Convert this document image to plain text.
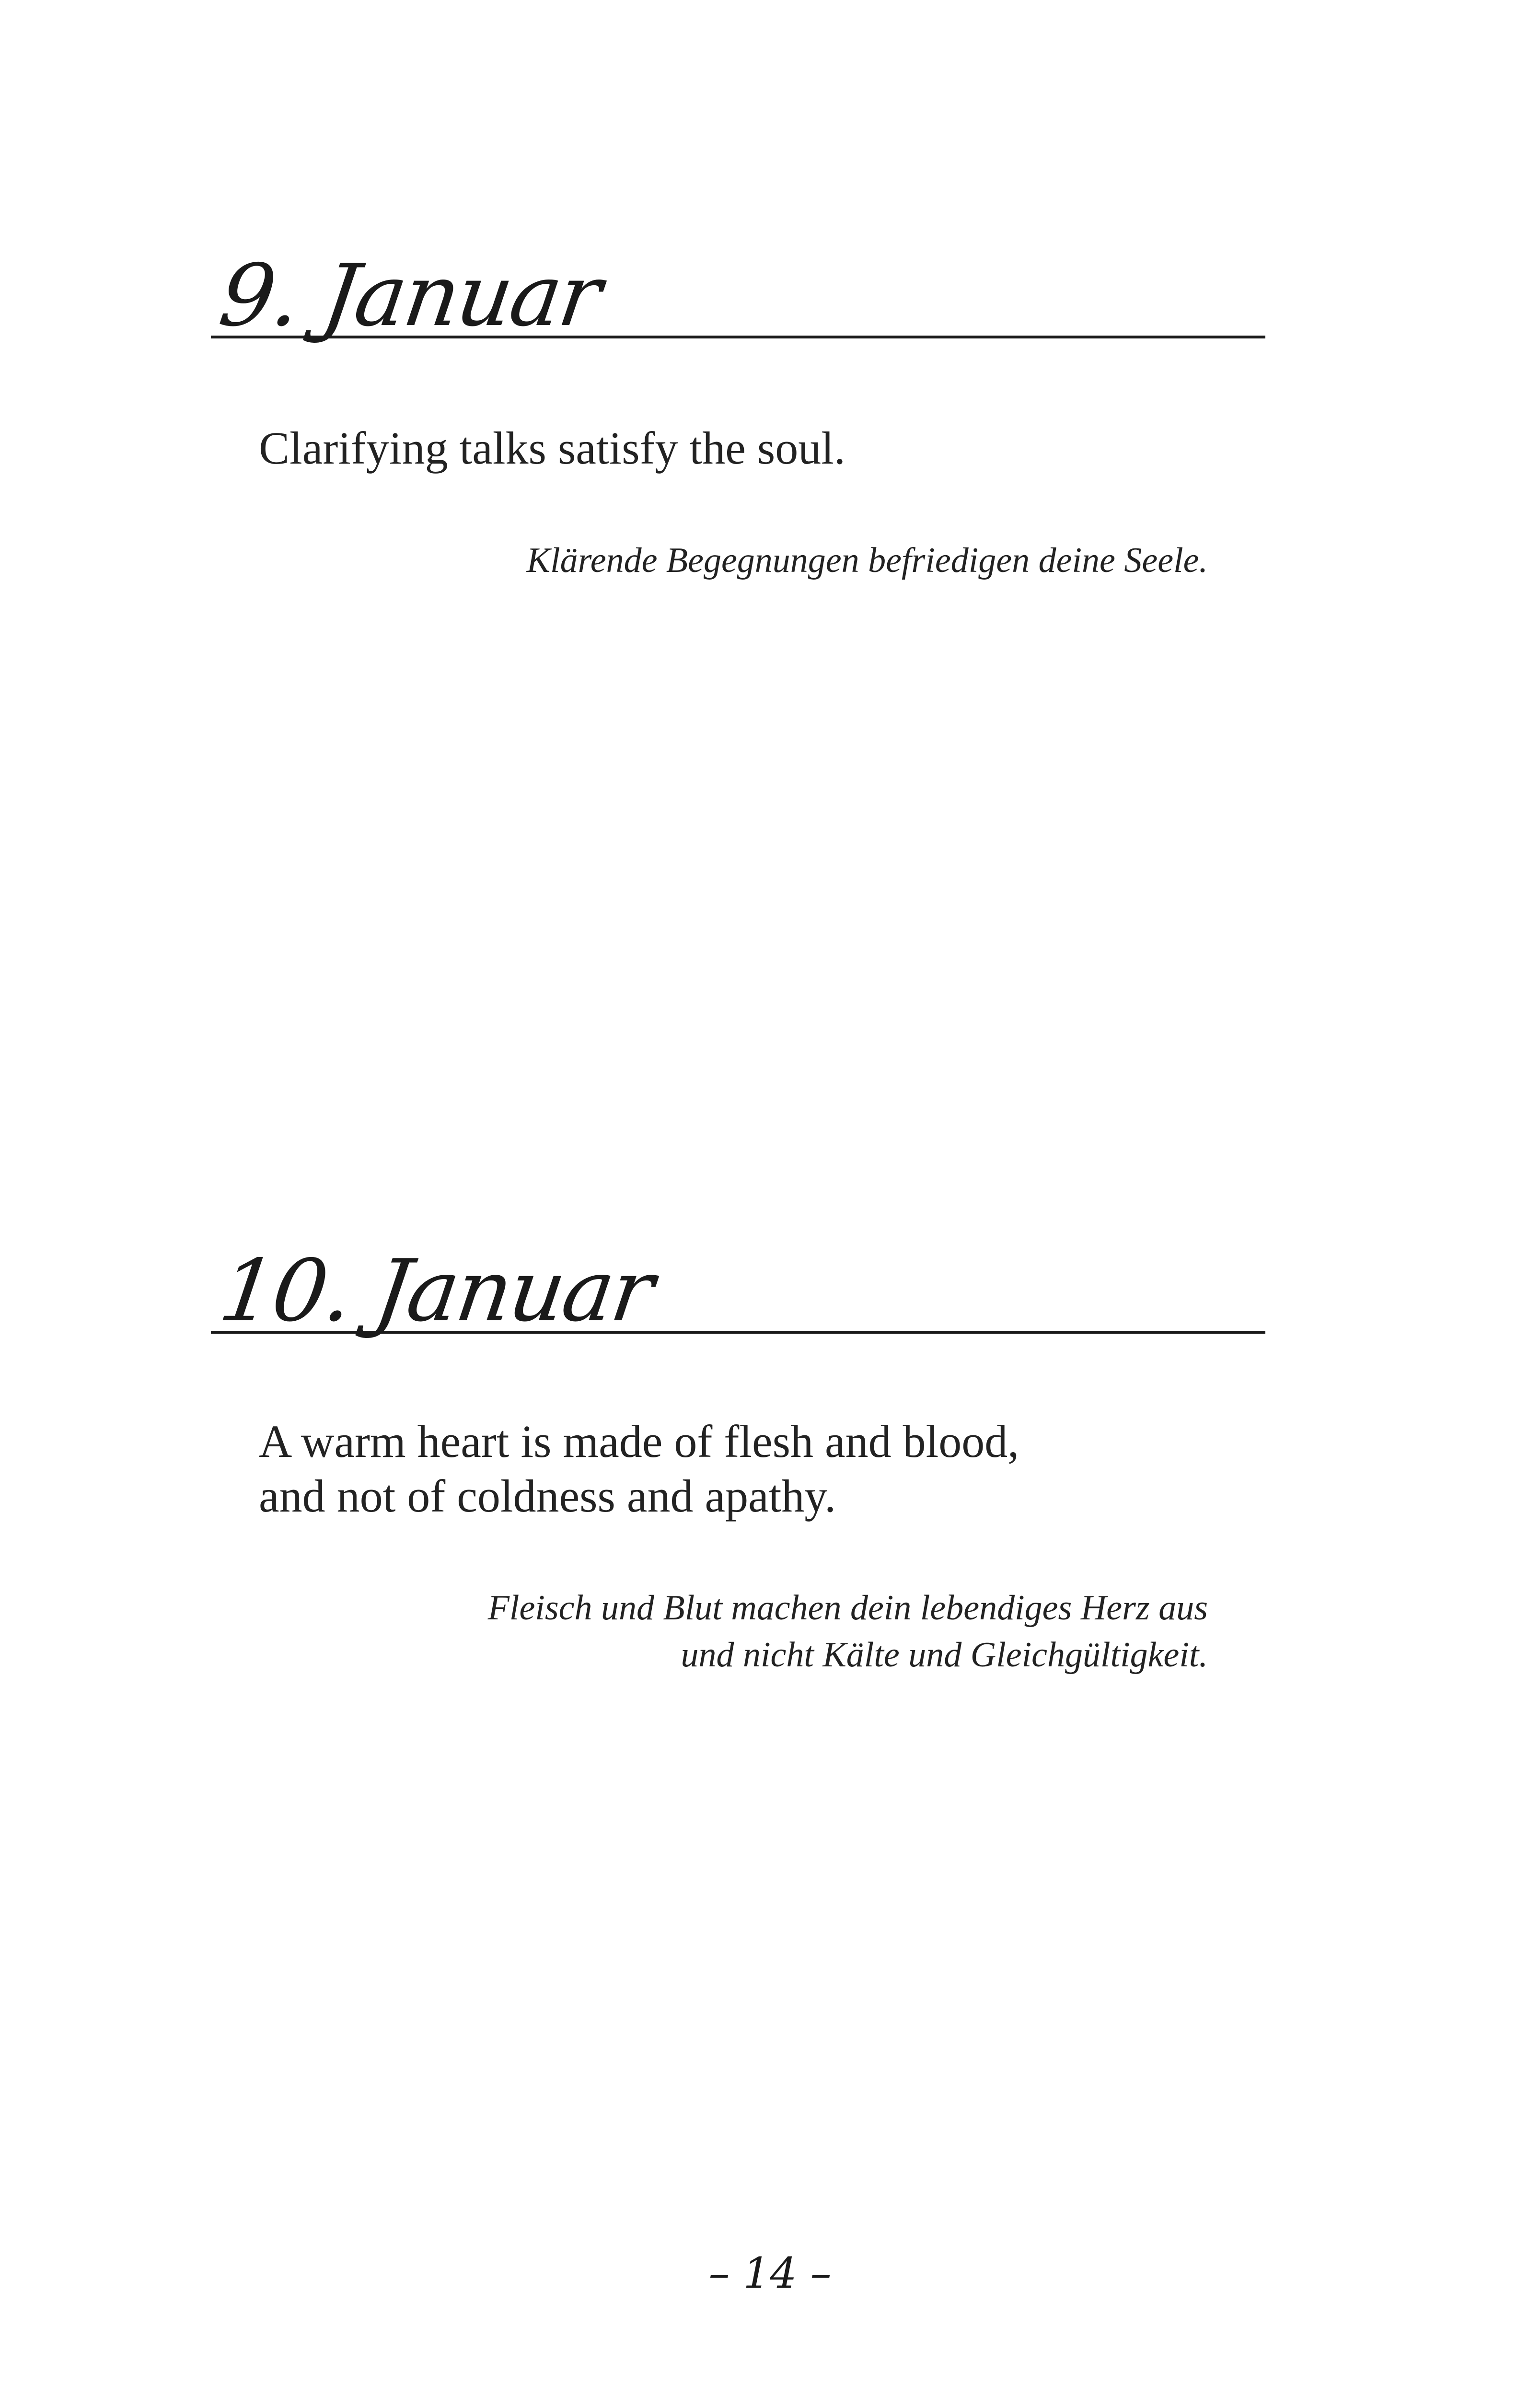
9. Januar
Clarifying talks satisfy the soul.
Klärende Begegnungen befriedigen deine Seele.
10. Januar
A warm heart is made of flesh and blood,
and not of coldness and apathy.
Fleisch und Blut machen dein lebendiges Herz aus
und nicht Kälte und Gleichgültigkeit.
– 14 –
